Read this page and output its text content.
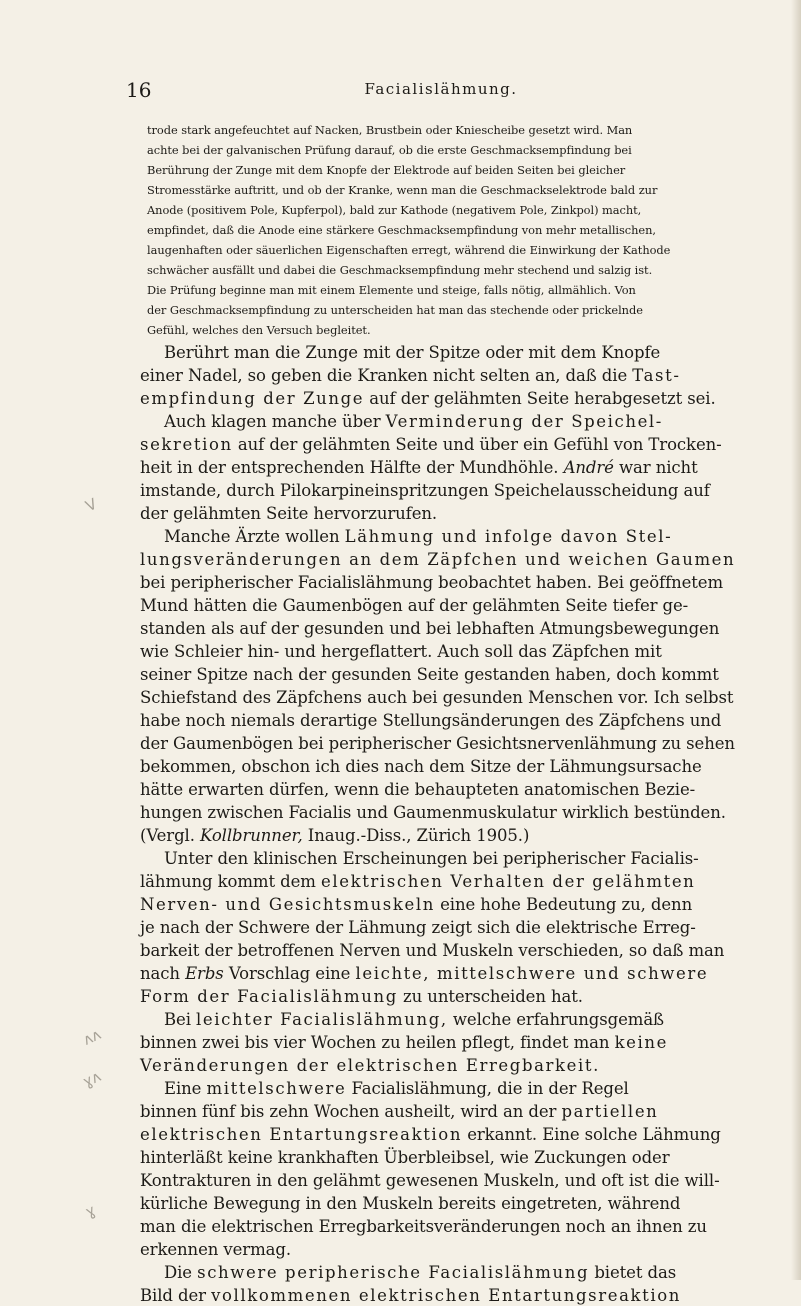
16	Facialislähmung.
trode stark angefeuchtet auf Nacken, Brustbein oder Kniescheibe gesetzt wird. Man
achte bei der galvanischen Prüfung darauf, ob die erste Geschmacksempfindung bei
Berührung der Zunge mit dem Knopfe der Elektrode auf beiden Seiten bei gleicher
Stromesstärke auftritt, und ob der Kranke, wenn man die Geschmackselektrode bald zur
Anode (positivem Pole, Kupferpol), bald zur Kathode (negativem Pole, Zinkpol) macht,
empfindet, daß die Anode eine stärkere Geschmacksempfindung von mehr metallischen,
laugenhaften oder säuerlichen Eigenschaften erregt, während die Einwirkung der Kathode
schwächer ausfällt und dabei die Geschmacksempfindung mehr stechend und salzig ist.
Die Prüfung beginne man mit einem Elemente und steige, falls nötig, allmählich. Von
der Geschmacksempfindung zu unterscheiden hat man das stechende oder prickelnde
Gefühl, welches den Versuch begleitet.
Berührt man die Zunge mit der Spitze oder mit dem Knopfe
einer Nadel, so geben die Kranken nicht selten an, daß die Tast-
empfindung der Zunge auf der gelähmten Seite herabgesetzt sei.
Auch klagen manche über Verminderung der Speichel-
sekretion auf der gelähmten Seite und über ein Gefühl von Trocken-
heit in der entsprechenden Hälfte der Mundhöhle. André war nicht
imstande, durch Pilokarpineinspritzungen Speichelausscheidung auf
der gelähmten Seite hervorzurufen.
Manche Ärzte wollen Lähmung und infolge davon Stel-
lungsveränderungen an dem Zäpfchen und weichen Gaumen
bei peripherischer Facialislähmung beobachtet haben. Bei geöffnetem
Mund hätten die Gaumenbögen auf der gelähmten Seite tiefer ge-
standen als auf der gesunden und bei lebhaften Atmungsbewegungen
wie Schleier hin- und hergeflattert. Auch soll das Zäpfchen mit
seiner Spitze nach der gesunden Seite gestanden haben, doch kommt
Schiefstand des Zäpfchens auch bei gesunden Menschen vor. Ich selbst
habe noch niemals derartige Stellungsänderungen des Zäpfchens und
der Gaumenbögen bei peripherischer Gesichtsnervenlähmung zu sehen
bekommen, obschon ich dies nach dem Sitze der Lähmungsursache
hätte erwarten dürfen, wenn die behaupteten anatomischen Bezie-
hungen zwischen Facialis und Gaumenmuskulatur wirklich bestünden.
(Vergl. Kollbrunner, Inaug.-Diss., Zürich 1905.)
Unter den klinischen Erscheinungen bei peripherischer Facialis-
lähmung kommt dem elektrischen Verhalten der gelähmten
Nerven- und Gesichtsmuskeln eine hohe Bedeutung zu, denn
je nach der Schwere der Lähmung zeigt sich die elektrische Erreg-
barkeit der betroffenen Nerven und Muskeln verschieden, so daß man
nach Erbs Vorschlag eine leichte, mittelschwere und schwere
Form der Facialislähmung zu unterscheiden hat.
Bei leichter Facialislähmung, welche erfahrungsgemäß
binnen zwei bis vier Wochen zu heilen pflegt, findet man keine
Veränderungen der elektrischen Erregbarkeit.
Eine mittelschwere Facialislähmung, die in der Regel
binnen fünf bis zehn Wochen ausheilt, wird an der partiellen
elektrischen Entartungsreaktion erkannt. Eine solche Lähmung
hinterläßt keine krankhaften Überbleibsel, wie Zuckungen oder
Kontrakturen in den gelähmt gewesenen Muskeln, und oft ist die will-
kürliche Bewegung in den Muskeln bereits eingetreten, während
man die elektrischen Erregbarkeitsveränderungen noch an ihnen zu
erkennen vermag.
Die schwere peripherische Facialislähmung bietet das
Bild der vollkommenen elektrischen Entartungsreaktion
V
ʌʌ
ɣʌ
ɣ
